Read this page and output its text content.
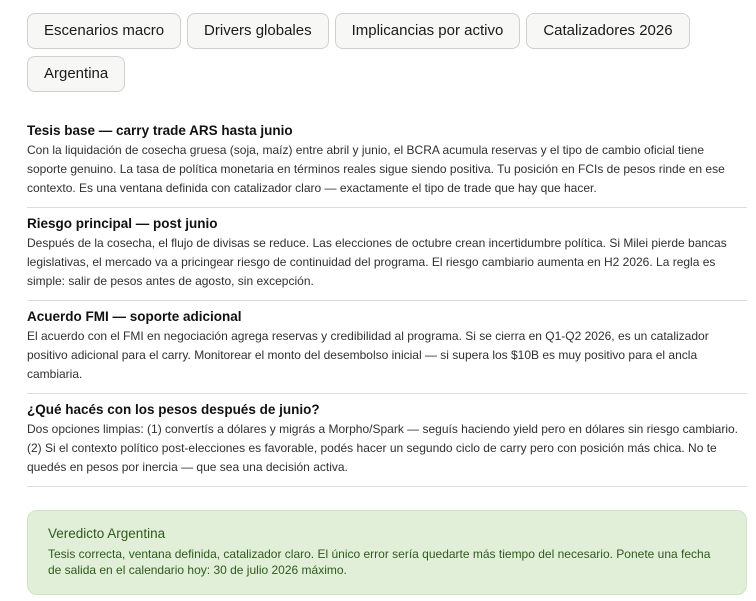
Escenarios macro	Drivers globales	Implicancias por activo	Catalizadores 2026
Argentina
Tesis base — carry trade ARS hasta junio
Con la liquidación de cosecha gruesa (soja, maíz) entre abril y junio, el BCRA acumula reservas y el tipo de cambio oficial tiene soporte genuino. La tasa de política monetaria en términos reales sigue siendo positiva. Tu posición en FCIs de pesos rinde en ese contexto. Es una ventana definida con catalizador claro — exactamente el tipo de trade que hay que hacer.
Riesgo principal — post junio
Después de la cosecha, el flujo de divisas se reduce. Las elecciones de octubre crean incertidumbre política. Si Milei pierde bancas legislativas, el mercado va a pricingear riesgo de continuidad del programa. El riesgo cambiario aumenta en H2 2026. La regla es simple: salir de pesos antes de agosto, sin excepción.
Acuerdo FMI — soporte adicional
El acuerdo con el FMI en negociación agrega reservas y credibilidad al programa. Si se cierra en Q1-Q2 2026, es un catalizador positivo adicional para el carry. Monitorear el monto del desembolso inicial — si supera los $10B es muy positivo para el ancla cambiaria.
¿Qué hacés con los pesos después de junio?
Dos opciones limpias: (1) convertís a dólares y migrás a Morpho/Spark — seguís haciendo yield pero en dólares sin riesgo cambiario. (2) Si el contexto político post-elecciones es favorable, podés hacer un segundo ciclo de carry pero con posición más chica. No te quedés en pesos por inercia — que sea una decisión activa.
Veredicto Argentina
Tesis correcta, ventana definida, catalizador claro. El único error sería quedarte más tiempo del necesario. Ponete una fecha de salida en el calendario hoy: 30 de julio 2026 máximo.
